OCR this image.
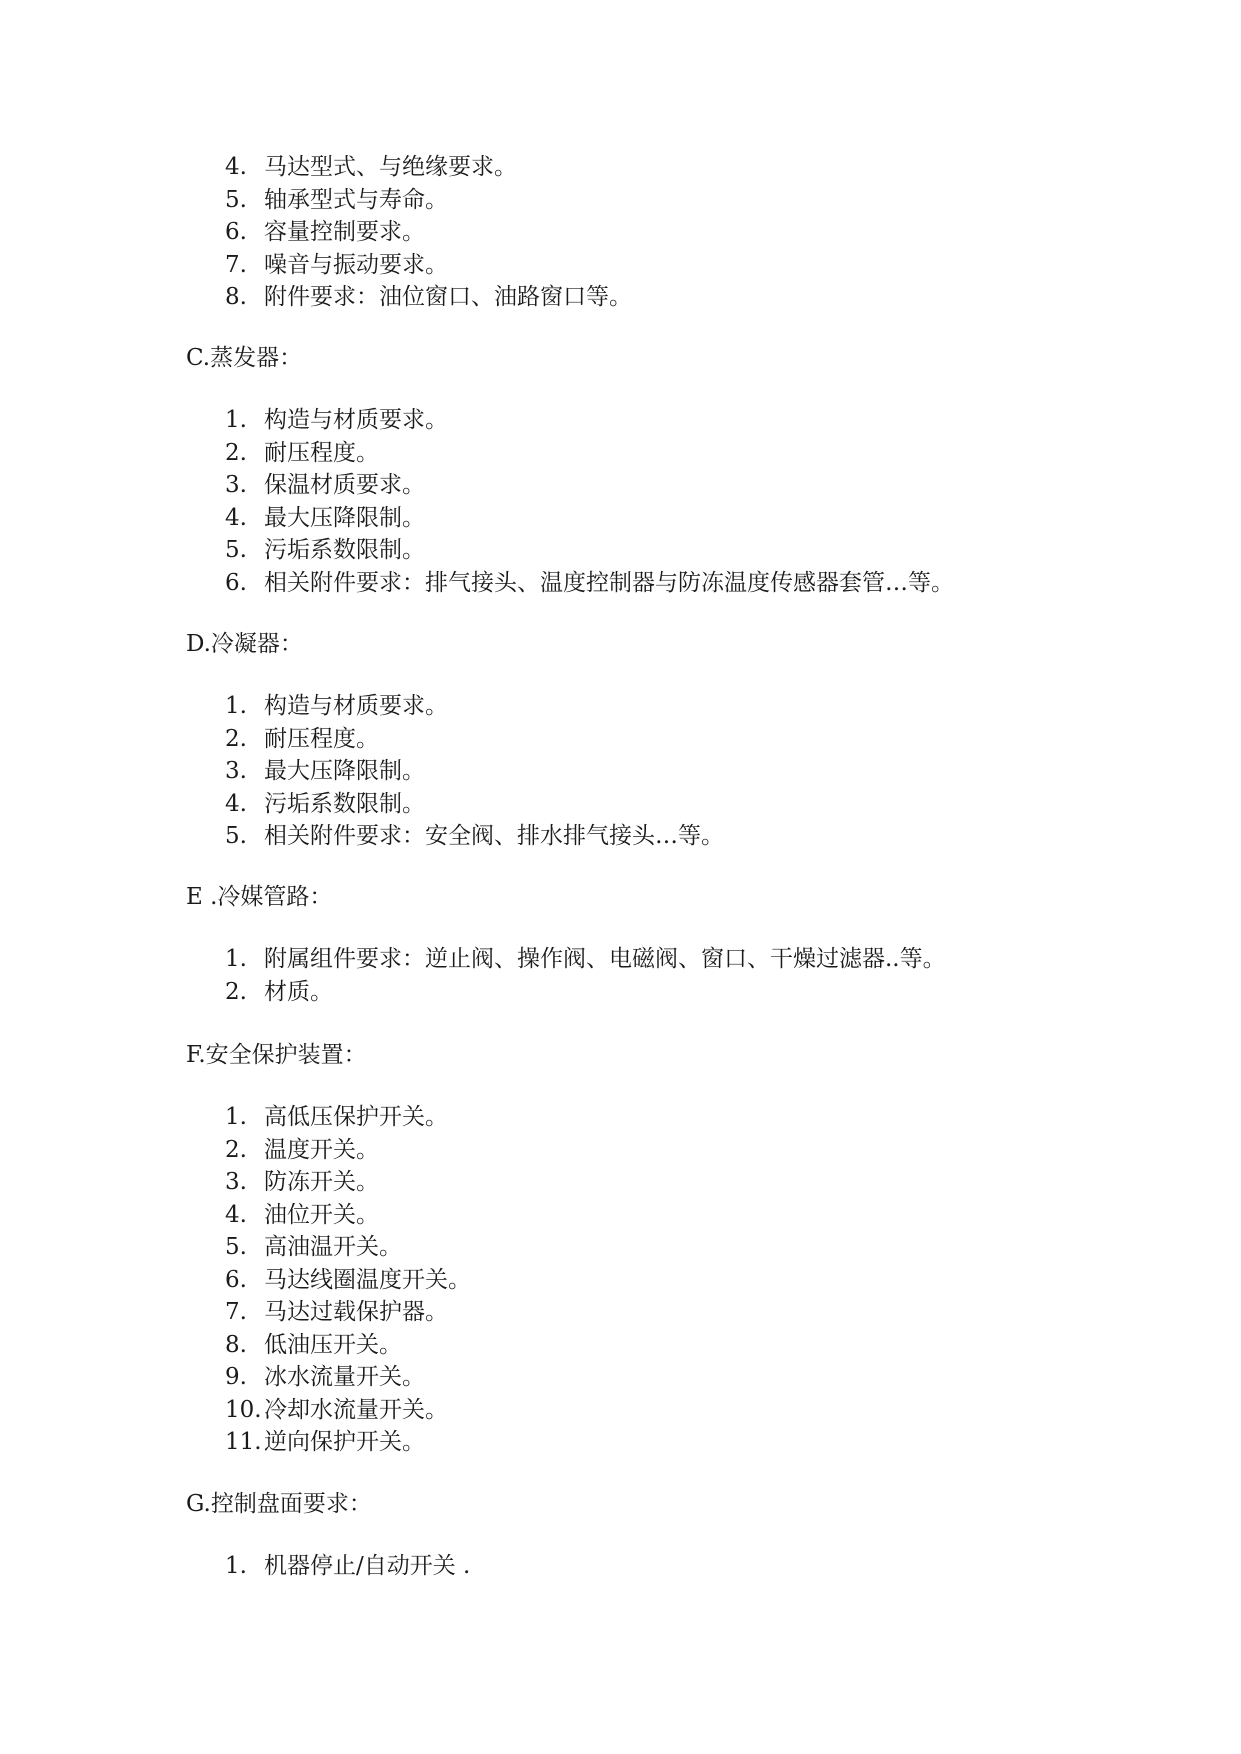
4. 马达型式、与绝缘要求。
5. 轴承型式与寿命。
6. 容量控制要求。
7. 噪音与振动要求。
8. 附件要求：油位窗口、油路窗口等。
C.蒸发器：
1. 构造与材质要求。
2. 耐压程度。
3. 保温材质要求。
4. 最大压降限制。
5. 污垢系数限制。
6. 相关附件要求：排气接头、温度控制器与防冻温度传感器套管…等。
D.冷凝器：
1. 构造与材质要求。
2. 耐压程度。
3. 最大压降限制。
4. 污垢系数限制。
5. 相关附件要求：安全阀、排水排气接头…等。
E .冷媒管路：
1. 附属组件要求：逆止阀、操作阀、电磁阀、窗口、干燥过滤器..等。
2. 材质。
F.安全保护装置：
1. 高低压保护开关。
2. 温度开关。
3. 防冻开关。
4. 油位开关。
5. 高油温开关。
6. 马达线圈温度开关。
7. 马达过载保护器。
8. 低油压开关。
9. 冰水流量开关。
10. 冷却水流量开关。
11. 逆向保护开关。
G.控制盘面要求：
1. 机器停止/自动开关 .
